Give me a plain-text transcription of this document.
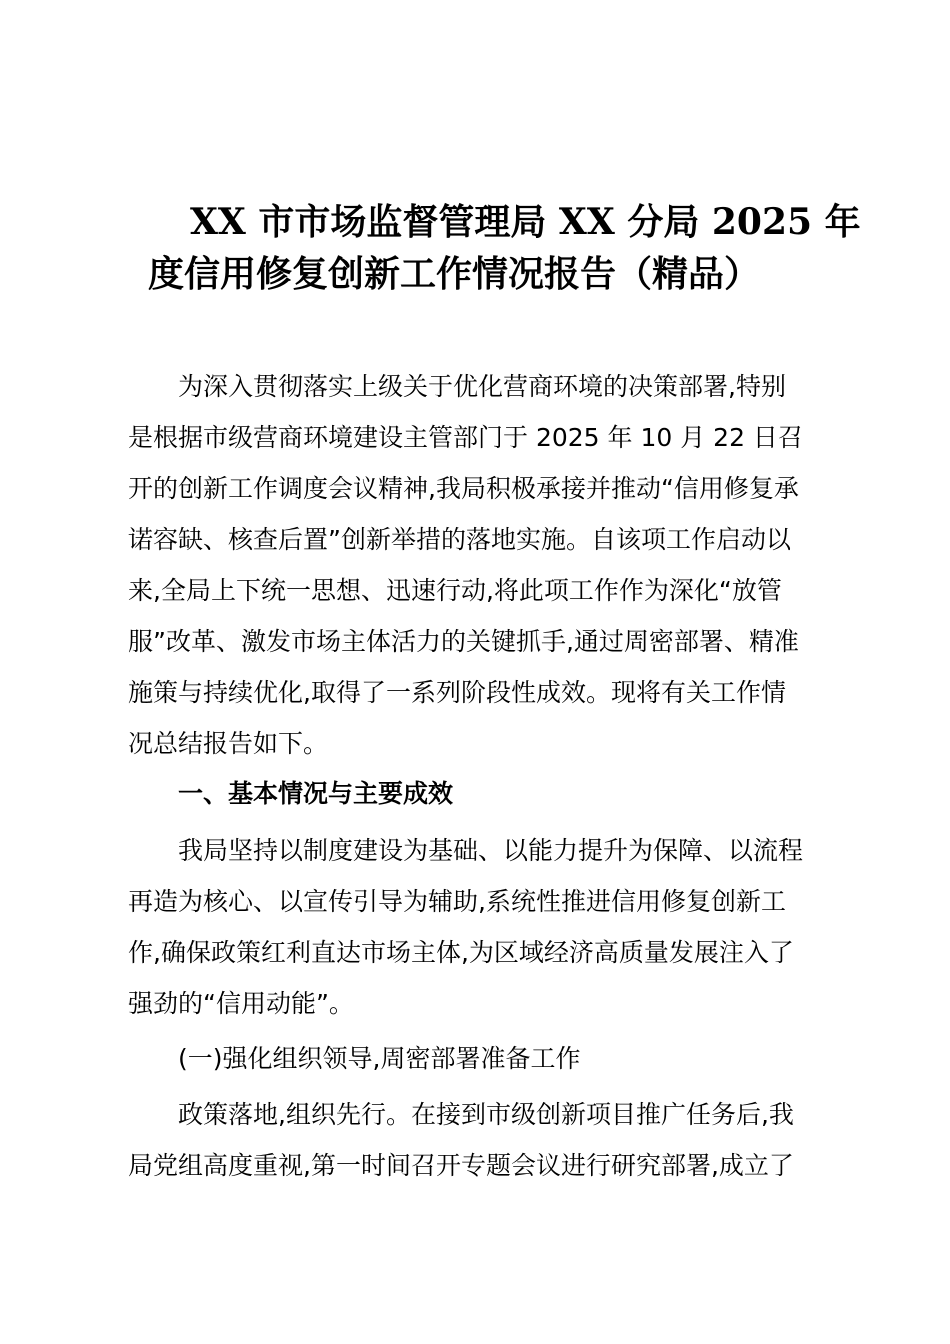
XX 市市场监督管理局 XX 分局 2025 年
度信用修复创新工作情况报告（精品）
为深入贯彻落实上级关于优化营商环境的决策部署,特别
是根据市级营商环境建设主管部门于 2025 年 10 月 22 日召
开的创新工作调度会议精神,我局积极承接并推动“信用修复承
诺容缺、核查后置”创新举措的落地实施。自该项工作启动以
来,全局上下统一思想、迅速行动,将此项工作作为深化“放管
服”改革、激发市场主体活力的关键抓手,通过周密部署、精准
施策与持续优化,取得了一系列阶段性成效。现将有关工作情
况总结报告如下。
一、基本情况与主要成效
我局坚持以制度建设为基础、以能力提升为保障、以流程
再造为核心、以宣传引导为辅助,系统性推进信用修复创新工
作,确保政策红利直达市场主体,为区域经济高质量发展注入了
强劲的“信用动能”。
(一)强化组织领导,周密部署准备工作
政策落地,组织先行。在接到市级创新项目推广任务后,我
局党组高度重视,第一时间召开专题会议进行研究部署,成立了
